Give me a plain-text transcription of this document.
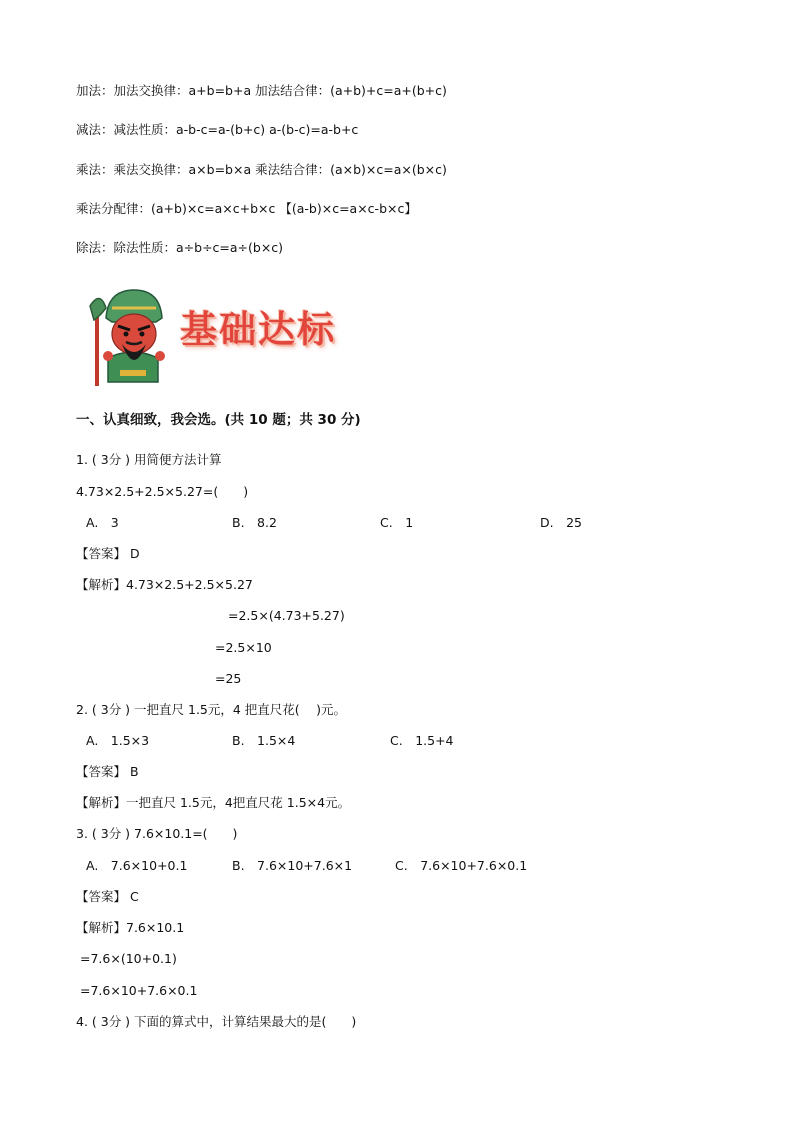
加法：加法交换律：a+b=b+a 加法结合律：(a+b)+c=a+(b+c)
减法：减法性质：a-b-c=a-(b+c) a-(b-c)=a-b+c
乘法：乘法交换律：a×b=b×a 乘法结合律：(a×b)×c=a×(b×c)
乘法分配律：(a+b)×c=a×c+b×c 【(a-b)×c=a×c-b×c】
除法：除法性质：a÷b÷c=a÷(b×c)
基础达标
一、认真细致，我会选。(共 10 题；共 30 分)
1. ( 3分 ) 用简便方法计算
4.73×2.5+2.5×5.27=(　　)
A.　3	B.　8.2	C.　1	D.　25
【答案】 D
【解析】4.73×2.5+2.5×5.27
=2.5×(4.73+5.27)
=2.5×10
=25
2. ( 3分 ) 一把直尺 1.5元，4 把直尺花(　 )元。
A.　1.5×3	B.　1.5×4	C.　1.5+4
【答案】 B
【解析】一把直尺 1.5元，4把直尺花 1.5×4元。
3. ( 3分 ) 7.6×10.1=(　　)
A.　7.6×10+0.1	B.　7.6×10+7.6×1	C.　7.6×10+7.6×0.1
【答案】 C
【解析】7.6×10.1
=7.6×(10+0.1)
=7.6×10+7.6×0.1
4. ( 3分 ) 下面的算式中，计算结果最大的是(　　)
